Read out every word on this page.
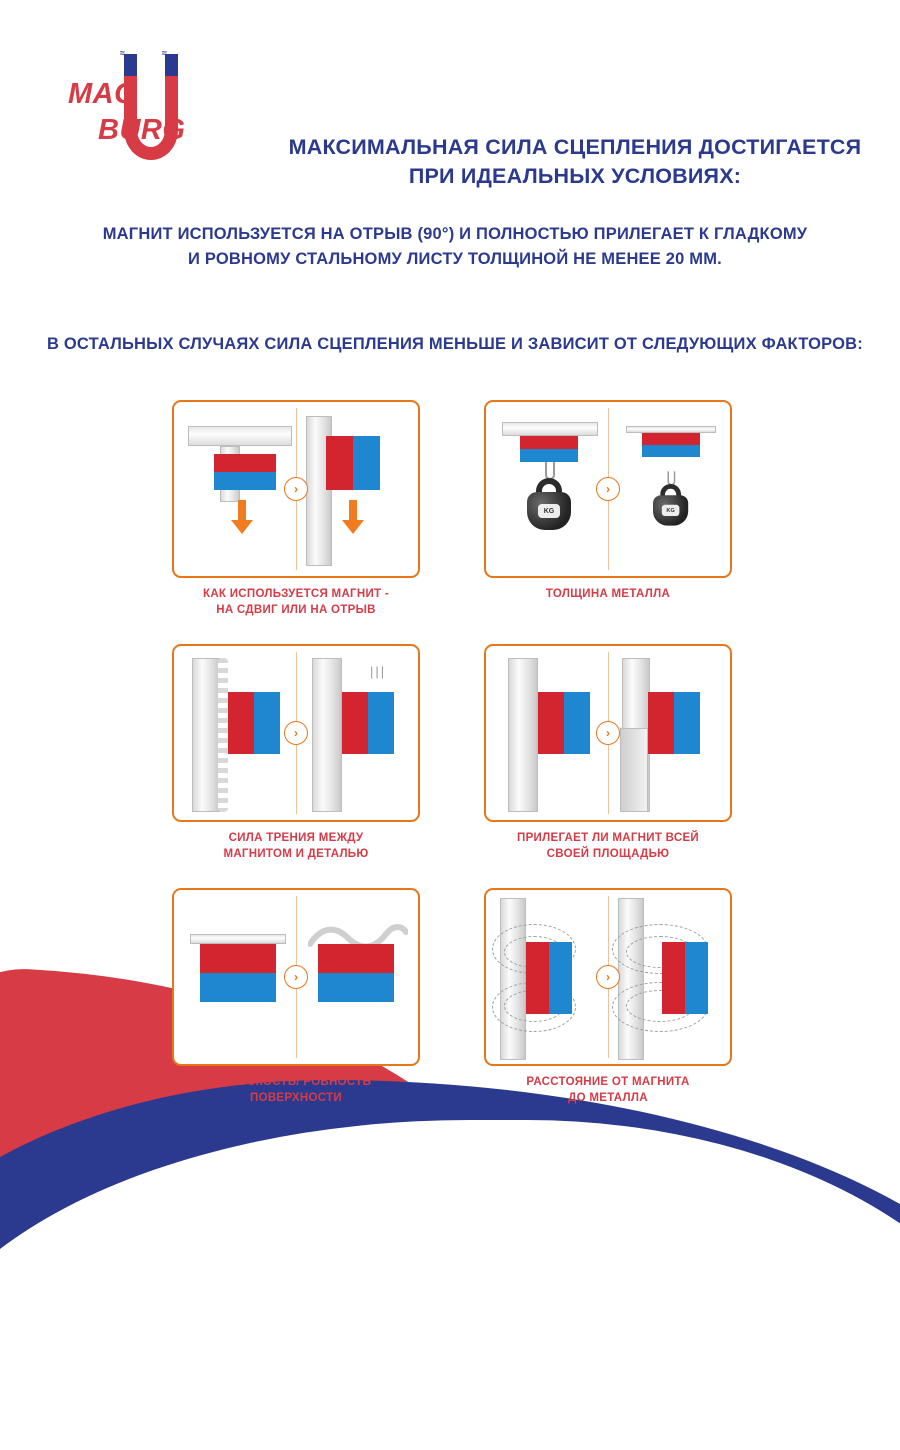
≈	≈
MAG
BURG
МАКСИМАЛЬНАЯ СИЛА СЦЕПЛЕНИЯ ДОСТИГАЕТСЯ
ПРИ ИДЕАЛЬНЫХ УСЛОВИЯХ:
МАГНИТ ИСПОЛЬЗУЕТСЯ НА ОТРЫВ (90°) И ПОЛНОСТЬЮ ПРИЛЕГАЕТ К ГЛАДКОМУ
И РОВНОМУ СТАЛЬНОМУ ЛИСТУ ТОЛЩИНОЙ НЕ МЕНЕЕ 20 ММ.
В ОСТАЛЬНЫХ СЛУЧАЯХ СИЛА СЦЕПЛЕНИЯ МЕНЬШЕ И ЗАВИСИТ ОТ СЛЕДУЮЩИХ ФАКТОРОВ:
›
КАК ИСПОЛЬЗУЕТСЯ МАГНИТ -
НА СДВИГ ИЛИ НА ОТРЫВ
KG	KG
›
ТОЛЩИНА МЕТАЛЛА
|||
›
СИЛА ТРЕНИЯ МЕЖДУ
МАГНИТОМ И ДЕТАЛЬЮ
›
ПРИЛЕГАЕТ ЛИ МАГНИТ ВСЕЙ
СВОЕЙ ПЛОЩАДЬЮ
›
ПЛОСКОСТЬ/ РОВНОСТЬ
ПОВЕРХНОСТИ
›
РАССТОЯНИЕ ОТ МАГНИТА
ДО МЕТАЛЛА
